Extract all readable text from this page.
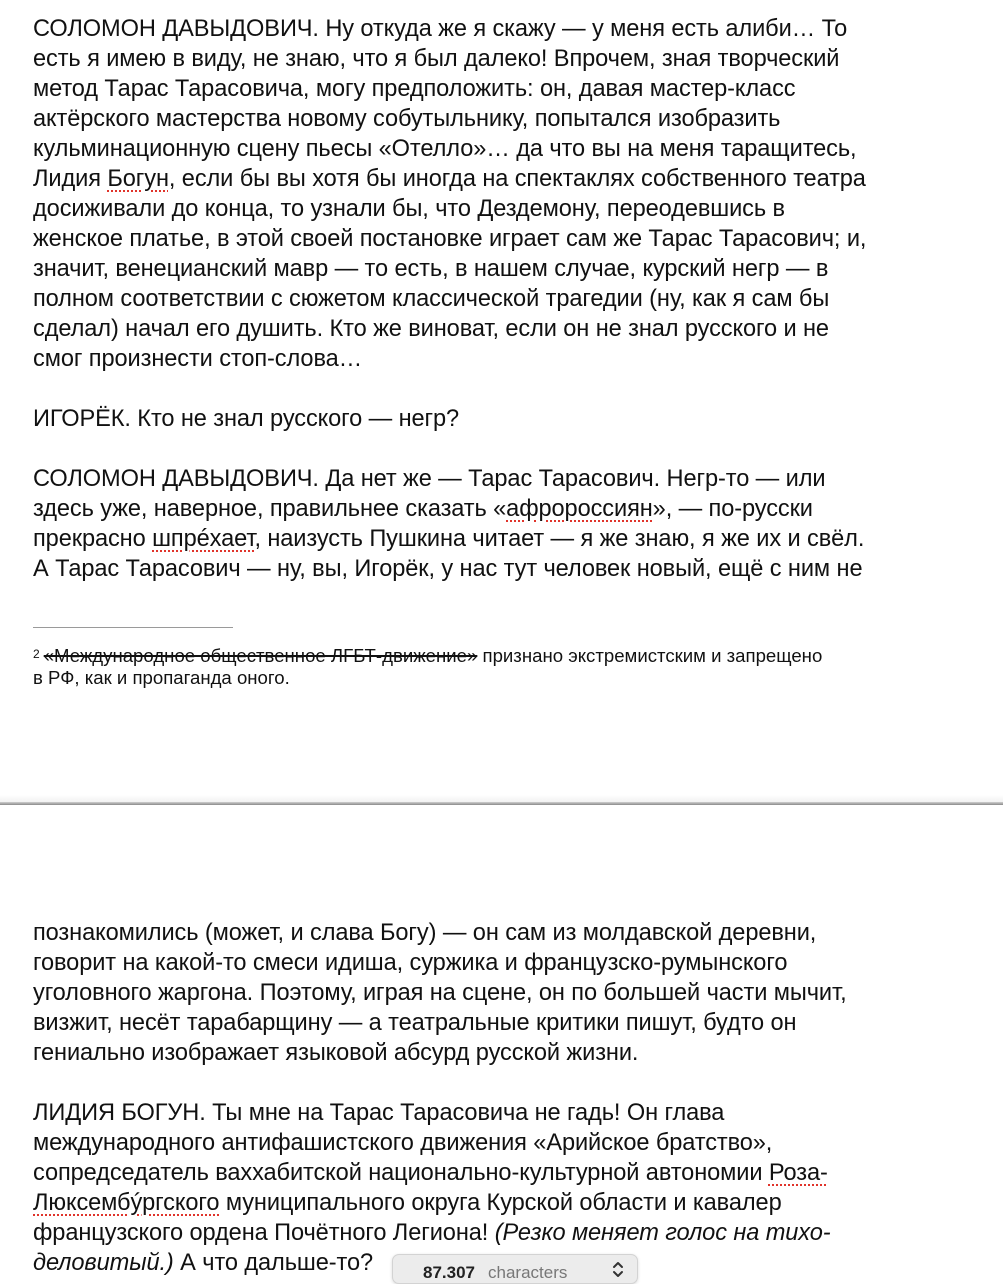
СОЛОМОН ДАВЫДОВИЧ. Ну откуда же я скажу — у меня есть алиби… То
есть я имею в виду, не знаю, что я был далеко! Впрочем, зная творческий
метод Тарас Тарасовича, могу предположить: он, давая мастер-класс
актёрского мастерства новому собутыльнику, попытался изобразить
кульминационную сцену пьесы «Отелло»… да что вы на меня таращитесь,
Лидия Богун, если бы вы хотя бы иногда на спектаклях собственного театра
досиживали до конца, то узнали бы, что Дездемону, переодевшись в
женское платье, в этой своей постановке играет сам же Тарас Тарасович; и,
значит, венецианский мавр — то есть, в нашем случае, курский негр — в
полном соответствии с сюжетом классической трагедии (ну, как я сам бы
сделал) начал его душить. Кто же виноват, если он не знал русского и не
смог произнести стоп-слова…
ИГОРЁК. Кто не знал русского — негр?
СОЛОМОН ДАВЫДОВИЧ. Да нет же — Тарас Тарасович. Негр-то — или
здесь уже, наверное, правильнее сказать «афророссиян», — по-русски
прекрасно шпрéхает, наизусть Пушкина читает — я же знаю, я же их и свёл.
А Тарас Тарасович — ну, вы, Игорёк, у нас тут человек новый, ещё с ним не
$^2$ «Международное общественное ЛГБТ-движение» признано экстремистским и запрещено
в РФ, как и пропаганда оного.
познакомились (может, и слава Богу) — он сам из молдавской деревни,
говорит на какой-то смеси идиша, суржика и французско-румынского
уголовного жаргона. Поэтому, играя на сцене, он по большей части мычит,
визжит, несёт тарабарщину — а театральные критики пишут, будто он
гениально изображает языковой абсурд русской жизни.
ЛИДИЯ БОГУН. Ты мне на Тарас Тарасовича не гадь! Он глава
международного антифашистского движения «Арийское братство»,
сопредседатель ваххабитской национально-культурной автономии Роза-
Люксембýргского муниципального округа Курской области и кавалер
французского ордена Почётного Легиона! (Резко меняет голос на тихо-
деловитый.) А что дальше-то?	87.307 characters
